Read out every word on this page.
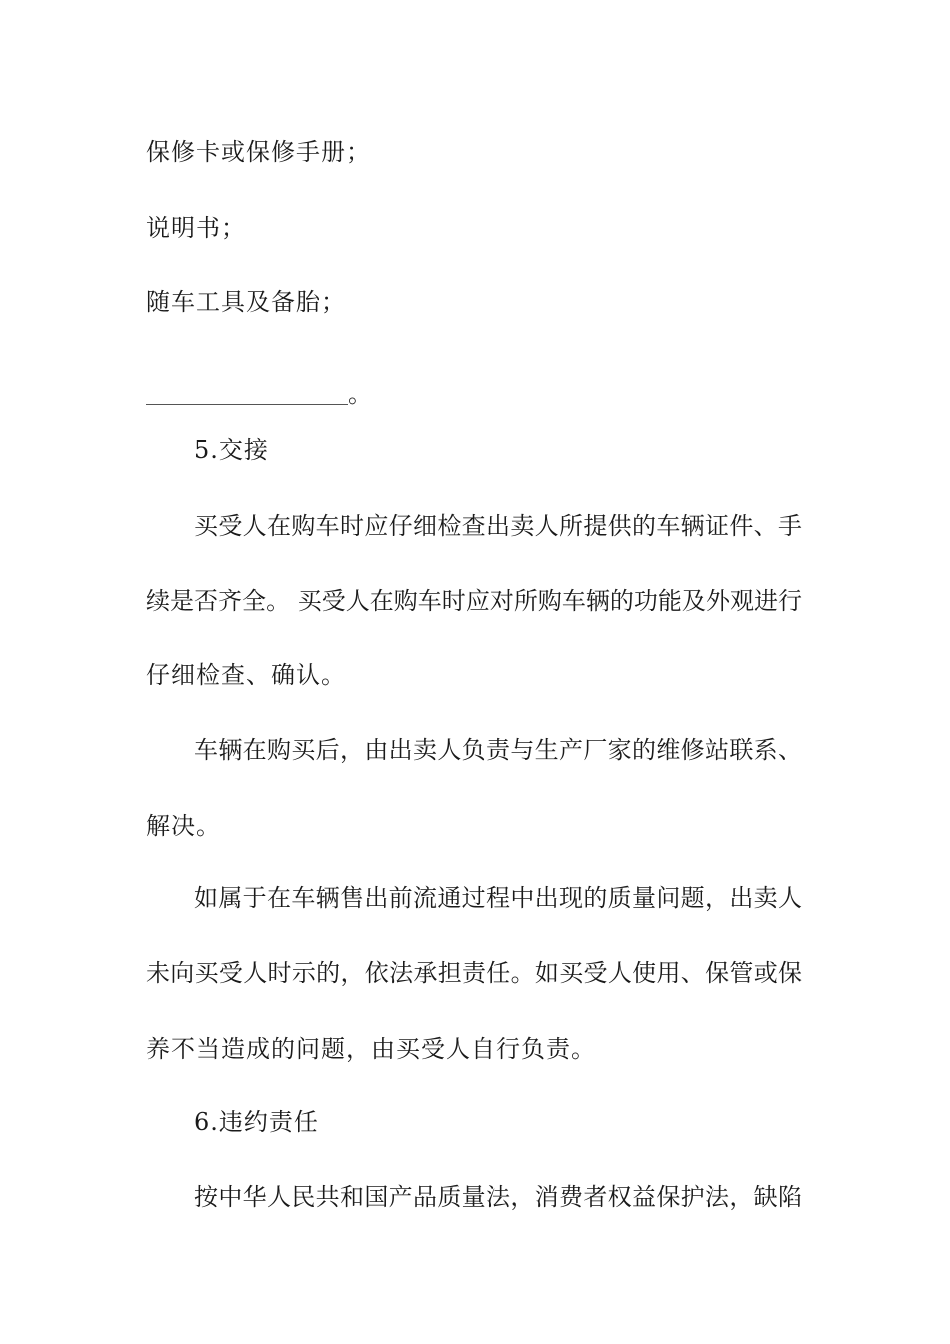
保修卡或保修手册；
说明书；
随车工具及备胎；
。
5.交接
买受人在购车时应仔细检查出卖人所提供的车辆证件、手
续是否齐全。 买受人在购车时应对所购车辆的功能及外观进行
仔细检查、确认。
车辆在购买后，由出卖人负责与生产厂家的维修站联系、
解决。
如属于在车辆售出前流通过程中出现的质量问题，出卖人
未向买受人时示的，依法承担责任。如买受人使用、保管或保
养不当造成的问题，由买受人自行负责。
6.违约责任
按中华人民共和国产品质量法，消费者权益保护法，缺陷
